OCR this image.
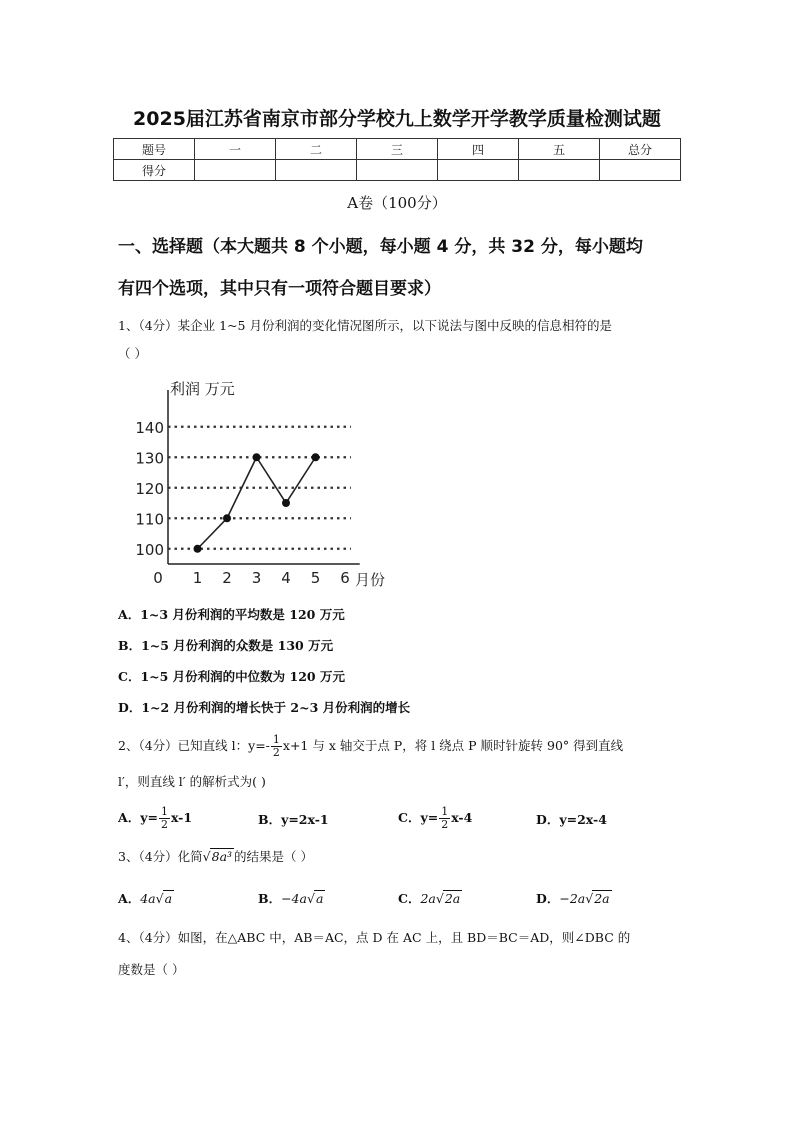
2025届江苏省南京市部分学校九上数学开学教学质量检测试题
题号	一	二	三	四	五	总分
得分						
A卷（100分）
一、选择题（本大题共 8 个小题，每小题 4 分，共 32 分，每小题均
有四个选项，其中只有一项符合题目要求）
1、（4分）某企业 1~5 月份利润的变化情况图所示，以下说法与图中反映的信息相符的是
（ ）
100
110
120
130
140
0 1 2 3 4 5 6
利润 万元
月份
A．1~3 月份利润的平均数是 120 万元
B．1~5 月份利润的众数是 130 万元
C．1~5 月份利润的中位数为 120 万元
D．1~2 月份利润的增长快于 2~3 月份利润的增长
2、（4分）已知直线 l：$y=- \frac{1}{2} x+1$ 与 x 轴交于点 P，将 l 绕点 P 顺时针旋转 90° 得到直线
l′，则直线 l′ 的解析式为( )
A．$y= \frac{1}{2} x-1$	B．y=2x-1	C．$y= \frac{1}{2} x-4$	D．y=2x-4
3、（4分）化简√8a³ 的结果是（ ）
A．4a√a	B．−4a√a	C．2a√2a	D．−2a√2a
4、（4分）如图，在△ABC 中，AB＝AC，点 D 在 AC 上，且 BD＝BC＝AD，则∠DBC 的
度数是（ ）
